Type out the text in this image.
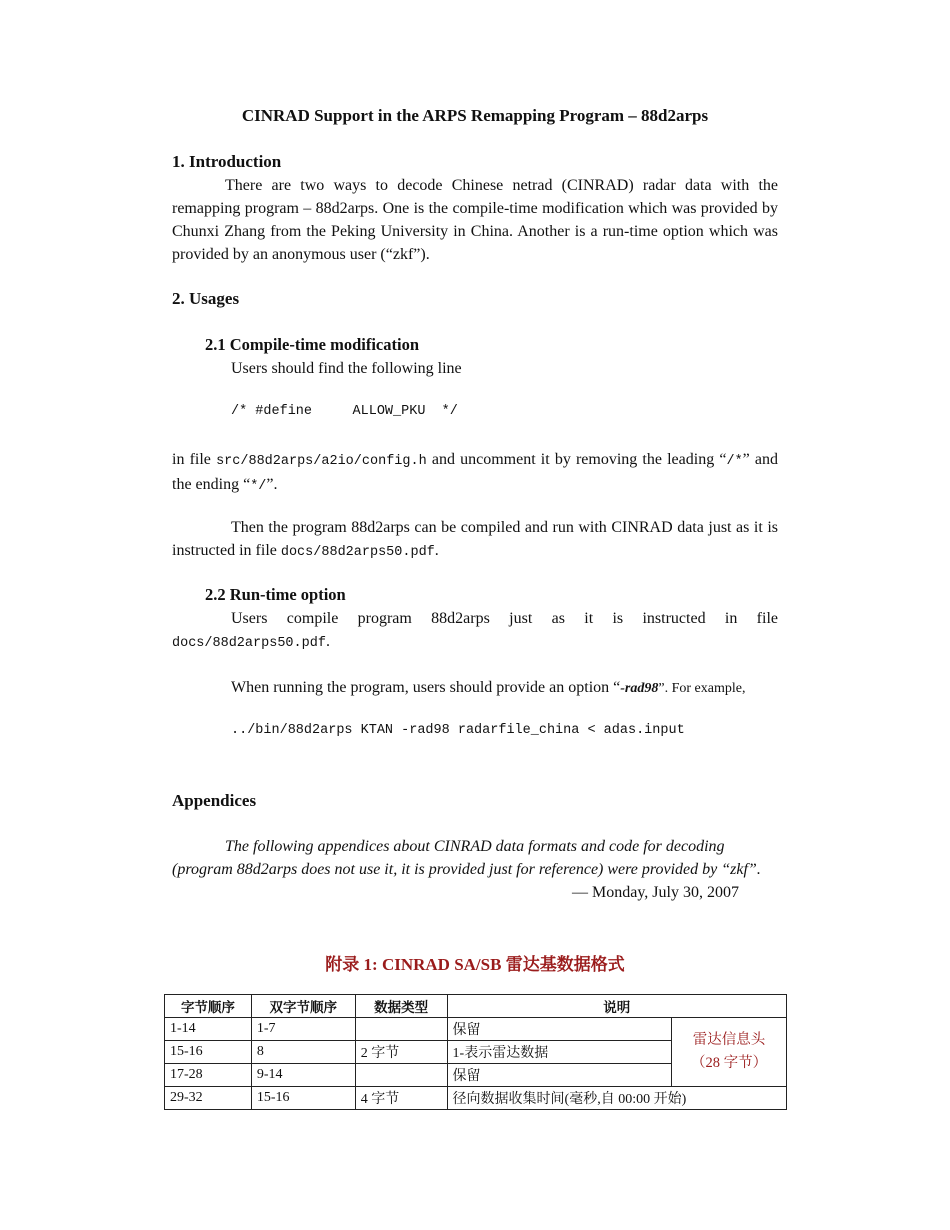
CINRAD Support in the ARPS Remapping Program – 88d2arps
1. Introduction
There are two ways to decode Chinese netrad (CINRAD) radar data with the remapping program – 88d2arps. One is the compile-time modification which was provided by Chunxi Zhang from the Peking University in China. Another is a run-time option which was provided by an anonymous user (“zkf”).
2. Usages
2.1 Compile-time modification
Users should find the following line
/* #define     ALLOW_PKU  */
in file src/88d2arps/a2io/config.h and uncomment it by removing the leading “/*” and the ending “*/”.
Then the program 88d2arps can be compiled and run with CINRAD data just as it is instructed in file docs/88d2arps50.pdf.
2.2 Run-time option
Users compile program 88d2arps just as it is instructed in file docs/88d2arps50.pdf.
When running the program, users should provide an option “-rad98”. For example,
../bin/88d2arps KTAN -rad98 radarfile_china < adas.input
Appendices
The following appendices about CINRAD data formats and code for decoding (program 88d2arps does not use it, it is provided just for reference) were provided by “zkf”.
— Monday, July 30, 2007
附录 1: CINRAD SA/SB 雷达基数据格式
字节顺序	双字节顺序	数据类型	说明	
1-14	1-7		保留	雷达信息头
（28 字节）

15-16	8	2 字节	1-表示雷达数据	
17-28	9-14		保留	
29-32	15-16	4 字节	径向数据收集时间(毫秒,自 00:00 开始)	
